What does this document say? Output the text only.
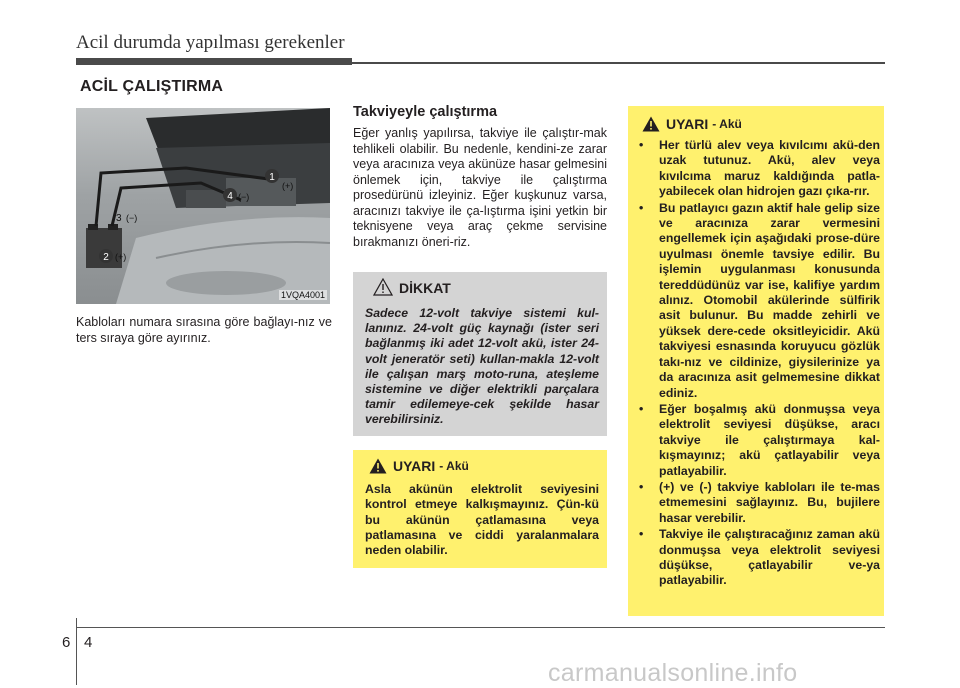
Acil durumda yapılması gerekenler
ACİL ÇALIŞTIRMA
1
(+)
4 (−)
3 (−)
2 (+)
1VQA4001
Kabloları numara sırasına göre bağlayı-nız ve ters sıraya göre ayırınız.
Takviyeyle çalıştırma
Eğer yanlış yapılırsa, takviye ile çalıştır-mak tehlikeli olabilir. Bu nedenle, kendini-ze zarar veya aracınıza veya akünüze hasar gelmesini önlemek için, takviye ile çalıştırma prosedürünü izleyiniz. Eğer kuşkunuz varsa, aracınızı takviye ile ça-lıştırma işini yetkin bir teknisyene veya araç çekme servisine bırakmanızı öneri-riz.
DİKKAT
Sadece 12-volt takviye sistemi kul-lanınız. 24-volt güç kaynağı (ister seri bağlanmış iki adet 12-volt akü, ister 24-volt jeneratör seti) kullan-makla 12-volt ile çalışan marş moto-runa, ateşleme sistemine ve diğer elektrikli parçalara tamir edilemeye-cek şekilde hasar verebilirsiniz.
UYARI - Akü
Asla akünün elektrolit seviyesini kontrol etmeye kalkışmayınız. Çün-kü bu akünün çatlamasına veya patlamasına ve ciddi yaralanmalara neden olabilir.
UYARI - Akü
• Her türlü alev veya kıvılcımı akü-den uzak tutunuz. Akü, alev veya kıvılcıma maruz kaldığında patla-yabilecek olan hidrojen gazı çıka-rır.
• Bu patlayıcı gazın aktif hale gelip size ve aracınıza zarar vermesini engellemek için aşağıdaki prose-düre uyulması önemle tavsiye edilir. Bu işlemin uygulanması konusunda tereddüdünüz var ise, kalifiye yardım alınız. Otomobil akülerinde sülfirik asit bulunur. Bu madde zehirli ve yüksek dere-cede oksitleyicidir. Akü takviyesi esnasında koruyucu gözlük takı-nız ve cildinize, giysilerinize ya da aracınıza asit gelmemesine dikkat ediniz.
• Eğer boşalmış akü donmuşsa veya elektrolit seviyesi düşükse, aracı takviye ile çalıştırmaya kal-kışmayınız; akü çatlayabilir veya patlayabilir.
• (+) ve (-) takviye kabloları ile te-mas etmemesini sağlayınız. Bu, bujilere hasar verebilir.
• Takviye ile çalıştıracağınız zaman akü donmuşsa veya elektrolit seviyesi düşükse, çatlayabilir ve-ya patlayabilir.
6 4
carmanualsonline.info
